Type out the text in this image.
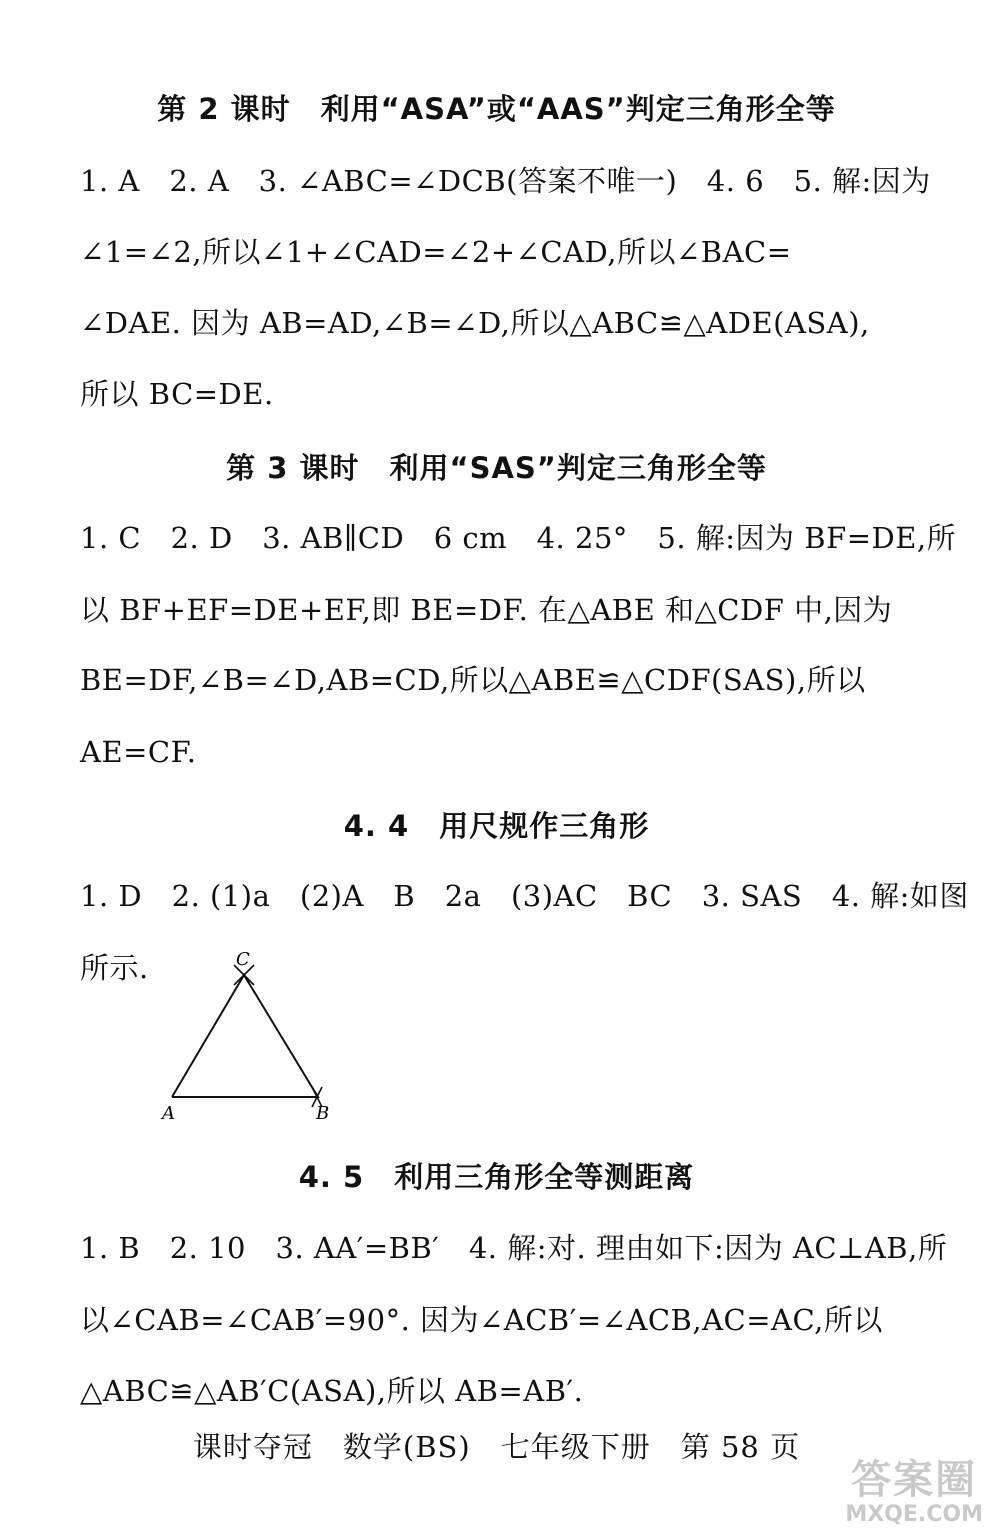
第 2 课时　利用“ASA”或“AAS”判定三角形全等
1. A　2. A　3. ∠ABC=∠DCB(答案不唯一)　4. 6　5. 解:因为
∠1=∠2,所以∠1+∠CAD=∠2+∠CAD,所以∠BAC=
∠DAE. 因为 AB=AD,∠B=∠D,所以△ABC≌△ADE(ASA),
所以 BC=DE.
第 3 课时　利用“SAS”判定三角形全等
1. C　2. D　3. AB∥CD　6 cm　4. 25°　5. 解:因为 BF=DE,所
以 BF+EF=DE+EF,即 BE=DF. 在△ABE 和△CDF 中,因为
BE=DF,∠B=∠D,AB=CD,所以△ABE≌△CDF(SAS),所以
AE=CF.
4. 4　用尺规作三角形
1. D　2. (1)a　(2)A　B　2a　(3)AC　BC　3. SAS　4. 解:如图
所示.
A	B
C
4. 5　利用三角形全等测距离
1. B　2. 10　3. AA′=BB′　4. 解:对. 理由如下:因为 AC⊥AB,所
以∠CAB=∠CAB′=90°. 因为∠ACB′=∠ACB,AC=AC,所以
△ABC≌△AB′C(ASA),所以 AB=AB′.
课时夺冠　数学(BS)　七年级下册　第 58 页
答案圈
MXQE.COM
